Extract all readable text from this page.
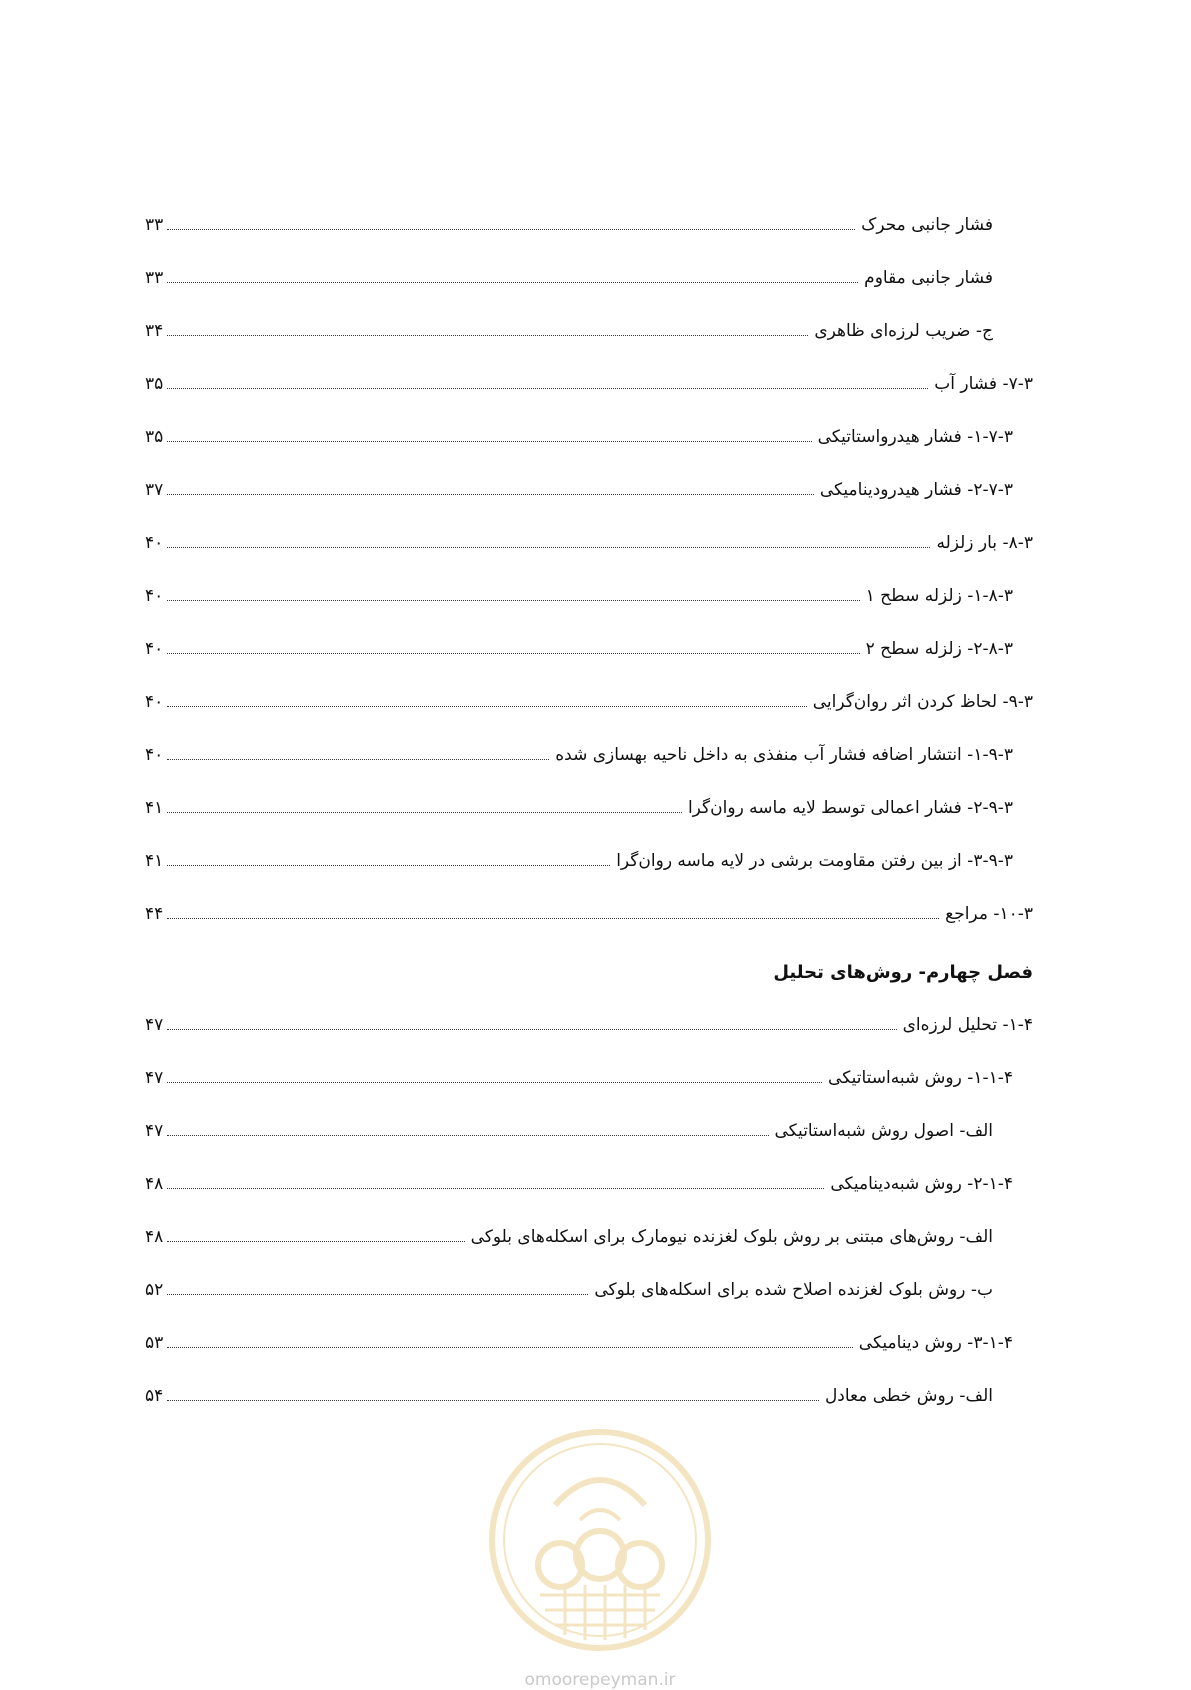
فشار جانبی محرک
۳۳
فشار جانبی مقاوم
۳۳
ج- ضریب لرزه‌ای ظاهری
۳۴
۷-۳- فشار آب
۳۵
۱-۷-۳- فشار هیدرواستاتیکی
۳۵
۲-۷-۳- فشار هیدرودینامیکی
۳۷
۸-۳- بار زلزله
۴۰
۱-۸-۳- زلزله سطح ۱
۴۰
۲-۸-۳- زلزله سطح ۲
۴۰
۹-۳- لحاظ کردن اثر روان‌گرایی
۴۰
۱-۹-۳- انتشار اضافه فشار آب منفذی به داخل ناحیه بهسازی شده
۴۰
۲-۹-۳- فشار اعمالی توسط لایه ماسه روان‌گرا
۴۱
۳-۹-۳- از بین رفتن مقاومت برشی در لایه ماسه روان‌گرا
۴۱
۱۰-۳- مراجع
۴۴
فصل چهارم- روش‌های تحلیل
۱-۴- تحلیل لرزه‌ای
۴۷
۱-۱-۴- روش شبه‌استاتیکی
۴۷
الف- اصول روش شبه‌استاتیکی
۴۷
۲-۱-۴- روش شبه‌دینامیکی
۴۸
الف- روش‌های مبتنی بر روش بلوک لغزنده نیومارک برای اسکله‌های بلوکی
۴۸
ب- روش بلوک لغزنده اصلاح شده برای اسکله‌های بلوکی
۵۲
۳-۱-۴- روش دینامیکی
۵۳
الف- روش خطی معادل
۵۴
omoorepeyman.ir
